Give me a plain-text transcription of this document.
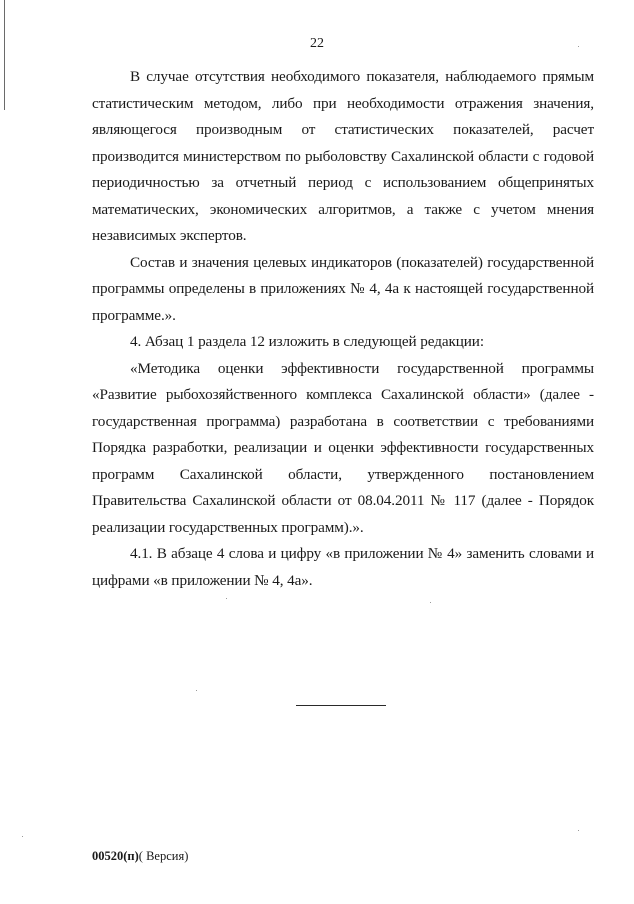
22

В случае отсутствия необходимого показателя, наблюдаемого прямым статистическим методом, либо при необходимости отражения значения, являющегося производным от статистических показателей, расчет производится министерством по рыболовству Сахалинской области с годовой периодичностью за отчетный период с использованием общепринятых математических, экономических алгоритмов, а также с учетом мнения независимых экспертов.

Состав и значения целевых индикаторов (показателей) государственной программы определены в приложениях № 4, 4а к настоящей государственной программе.».

4. Абзац 1 раздела 12 изложить в следующей редакции:

«Методика оценки эффективности государственной программы «Развитие рыбохозяйственного комплекса Сахалинской области» (далее - государственная программа) разработана в соответствии с требованиями Порядка разработки, реализации и оценки эффективности государственных программ Сахалинской области, утвержденного постановлением Правительства Сахалинской области от 08.04.2011 № 117 (далее - Порядок реализации государственных программ).».

4.1. В абзаце 4 слова и цифру «в приложении № 4» заменить словами и цифрами «в приложении № 4, 4а».

00520(п)( Версия)
